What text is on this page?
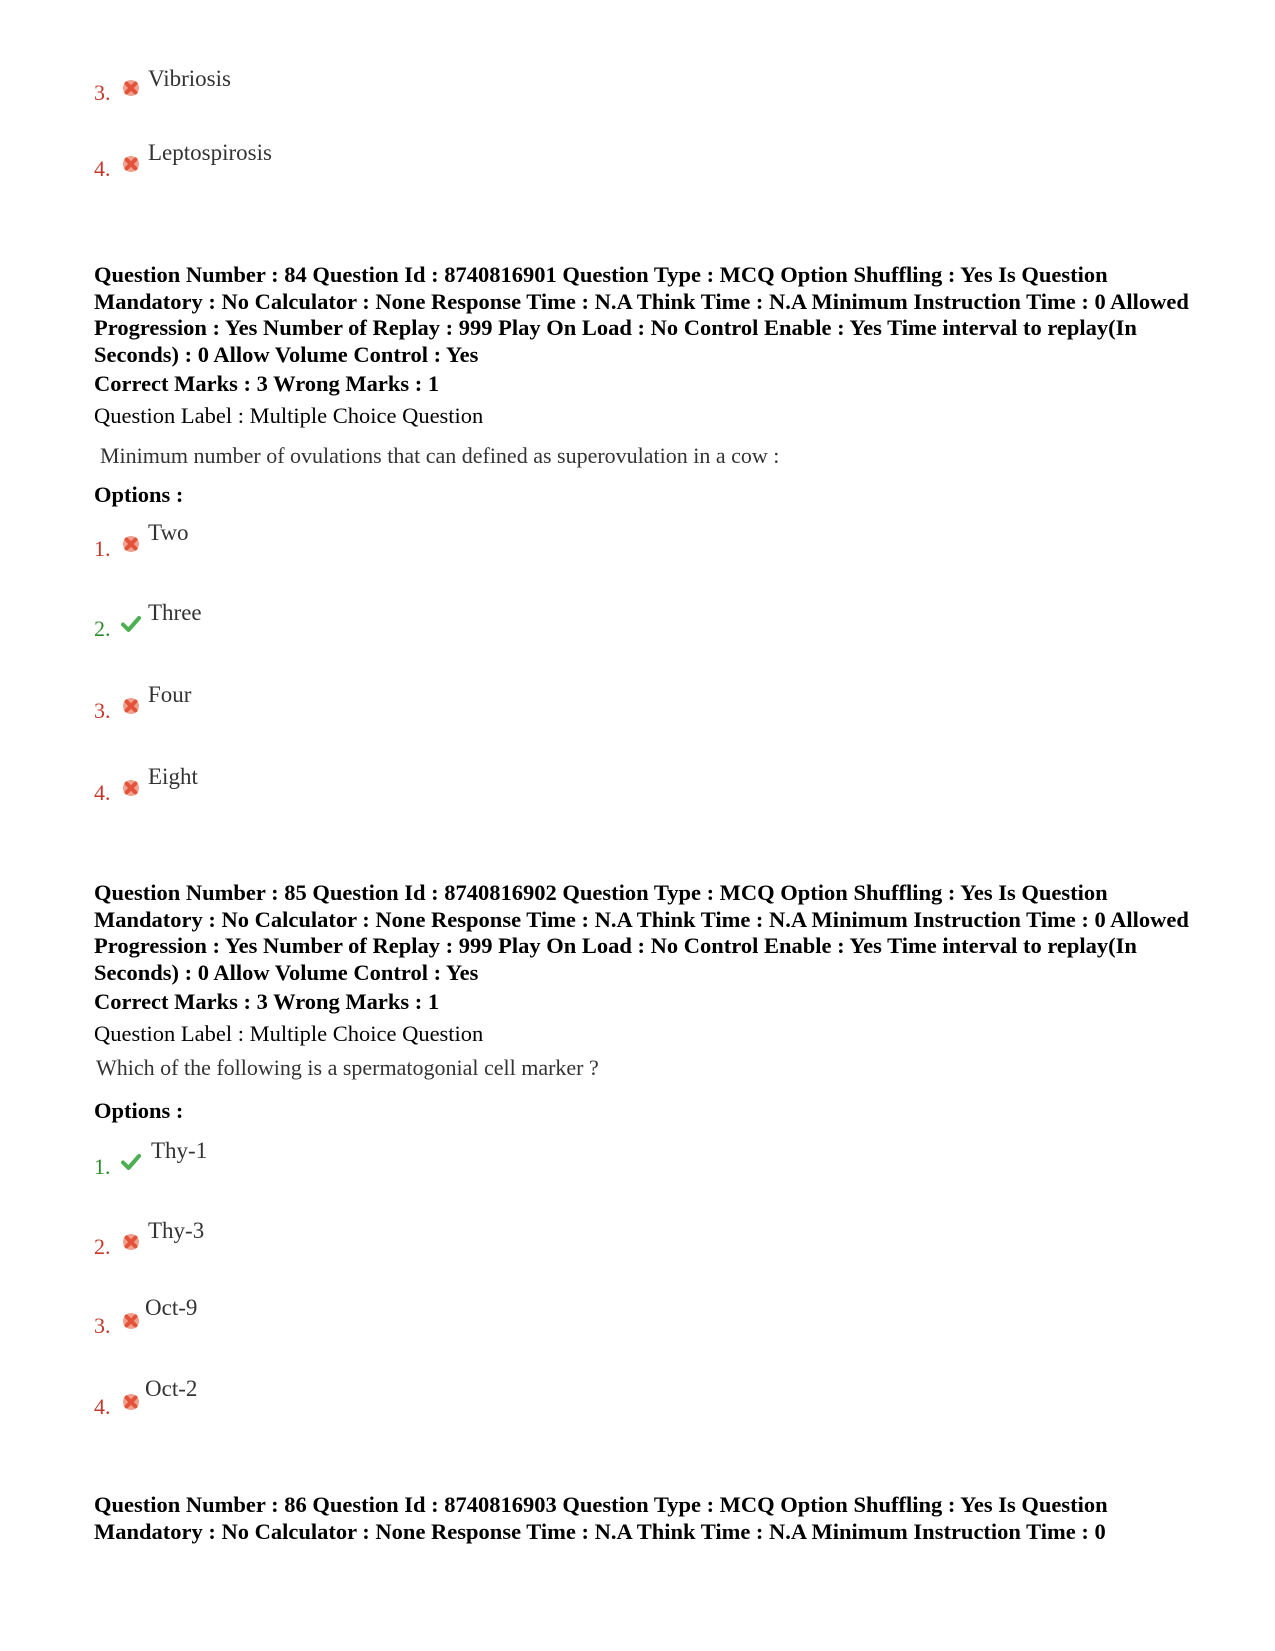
3.
Vibriosis
4.
Leptospirosis
Question Number : 84 Question Id : 8740816901 Question Type : MCQ Option Shuffling : Yes Is Question Mandatory : No Calculator : None Response Time : N.A Think Time : N.A Minimum Instruction Time : 0 Allowed Progression : Yes Number of Replay : 999 Play On Load : No Control Enable : Yes Time interval to replay(In Seconds) : 0 Allow Volume Control : Yes
Correct Marks : 3 Wrong Marks : 1
Question Label : Multiple Choice Question
Minimum number of ovulations that can defined as superovulation in a cow :
Options :
1.
Two
2.
Three
3.
Four
4.
Eight
Question Number : 85 Question Id : 8740816902 Question Type : MCQ Option Shuffling : Yes Is Question Mandatory : No Calculator : None Response Time : N.A Think Time : N.A Minimum Instruction Time : 0 Allowed Progression : Yes Number of Replay : 999 Play On Load : No Control Enable : Yes Time interval to replay(In Seconds) : 0 Allow Volume Control : Yes
Correct Marks : 3 Wrong Marks : 1
Question Label : Multiple Choice Question
Which of the following is a spermatogonial cell marker ?
Options :
1.
Thy-1
2.
Thy-3
3.
Oct-9
4.
Oct-2
Question Number : 86 Question Id : 8740816903 Question Type : MCQ Option Shuffling : Yes Is Question Mandatory : No Calculator : None Response Time : N.A Think Time : N.A Minimum Instruction Time : 0
